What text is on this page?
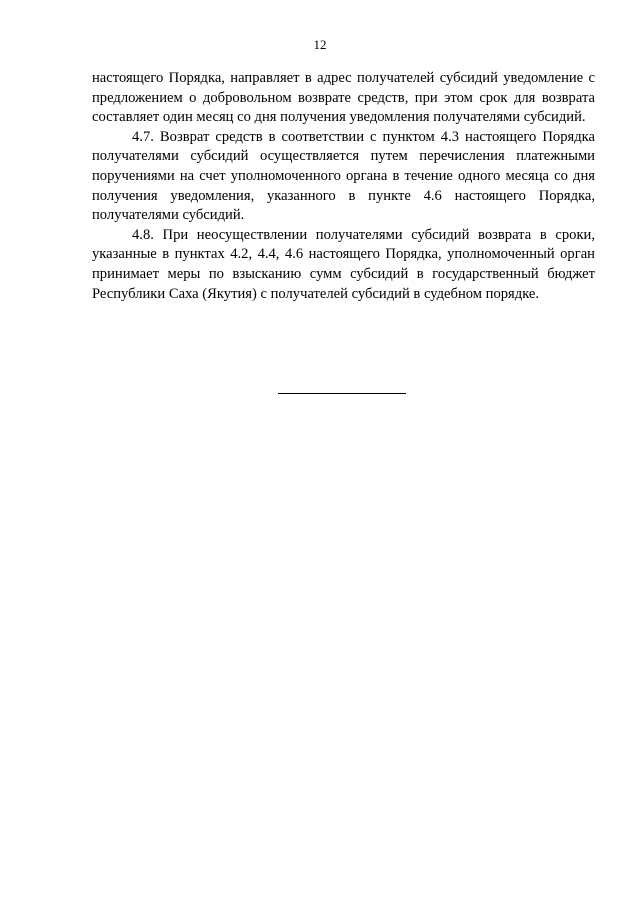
12

настоящего Порядка, направляет в адрес получателей субсидий уведомление с предложением о добровольном возврате средств, при этом срок для возврата составляет один месяц со дня получения уведомления получателями субсидий.

4.7. Возврат средств в соответствии с пунктом 4.3 настоящего Порядка получателями субсидий осуществляется путем перечисления платежными поручениями на счет уполномоченного органа в течение одного месяца со дня получения уведомления, указанного в пункте 4.6 настоящего Порядка, получателями субсидий.

4.8. При неосуществлении получателями субсидий возврата в сроки, указанные в пунктах 4.2, 4.4, 4.6 настоящего Порядка, уполномоченный орган принимает меры по взысканию сумм субсидий в государственный бюджет Республики Саха (Якутия) с получателей субсидий в судебном порядке.
